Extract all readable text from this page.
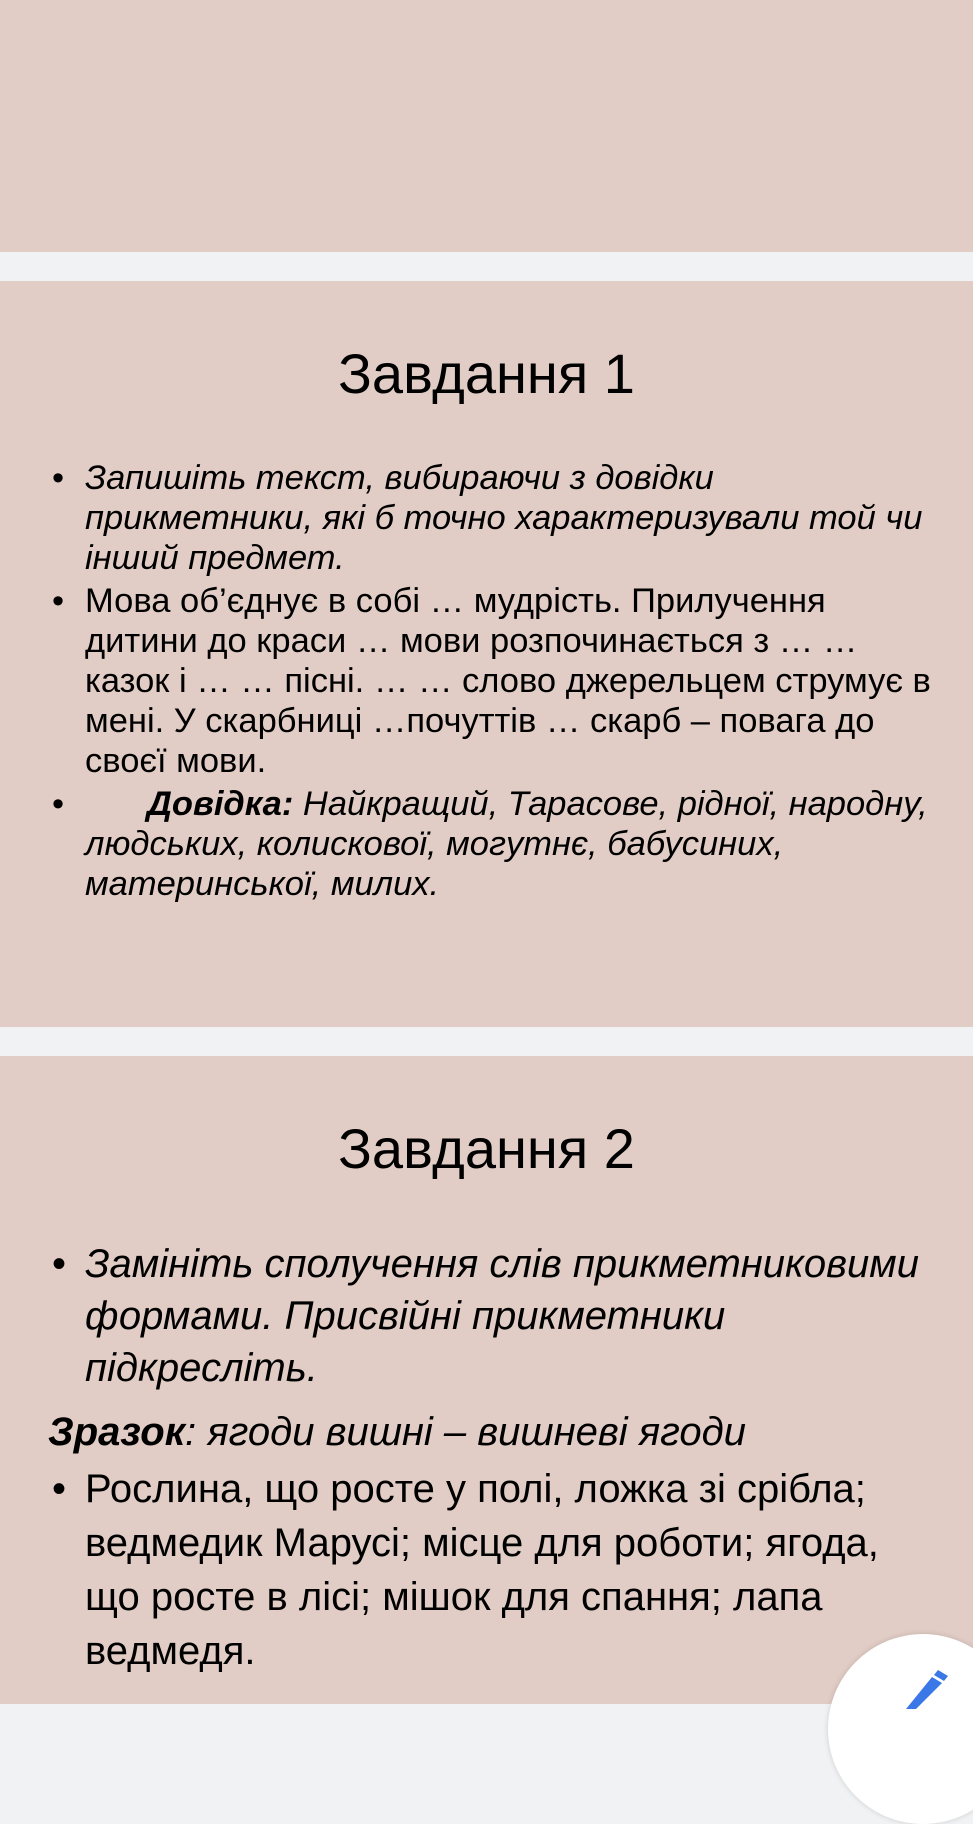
Завдання 1
• Запишіть текст, вибираючи з довідки прикметники, які б точно характеризували той чи інший предмет.
• Мова об’єднує в собі … мудрість. Прилучення дитини до краси … мови розпочинається з … … казок і … … пісні. … … слово джерельцем струмує в мені. У скарбниці …почуттів … скарб – повага до своєї мови.
• Довідка: Найкращий, Тарасове, рідної, народну, людських, колискової, могутнє, бабусиних, материнської, милих.
Завдання 2
• Замініть сполучення слів прикметниковими формами. Присвійні прикметники підкресліть.
Зразок: ягоди вишні – вишневі ягоди
• Рослина, що росте у полі, ложка зі срібла; ведмедик Марусі; місце для роботи; ягода, що росте в лісі; мішок для спання; лапа ведмедя.
